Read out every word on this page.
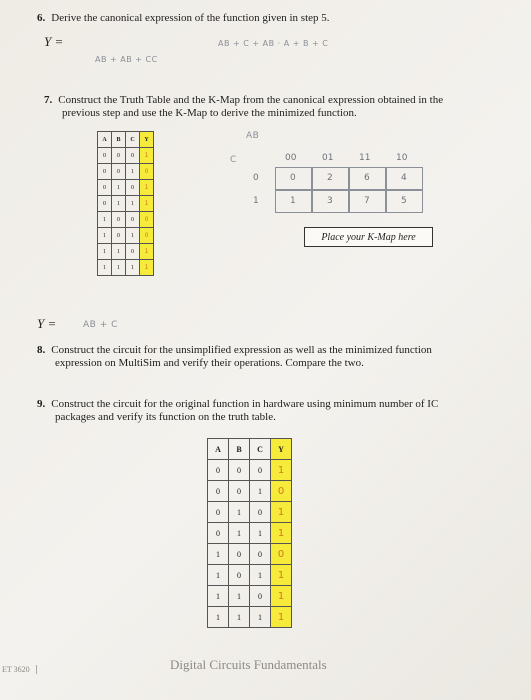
6. Derive the canonical expression of the function given in step 5.
Y =	AB + C + AB · A + B + C
AB + AB + CC
7. Construct the Truth Table and the K-Map from the canonical expression obtained in the
previous step and use the K-Map to derive the minimized function.
A	B	C	Y
0	0	0	1
0	0	1	0
0	1	0	1
0	1	1	1
1	0	0	0
1	0	1	0
1	1	0	1
1	1	1	1
AB
C	00	01	11	10
0	0	2	6	4
1	1	3	7	5
Place your K-Map here
Y =	AB + C
8. Construct the circuit for the unsimplified expression as well as the minimized function
expression on MultiSim and verify their operations. Compare the two.
9. Construct the circuit for the original function in hardware using minimum number of IC
packages and verify its function on the truth table.
A	B	C	Y
0	0	0	1
0	0	1	0
0	1	0	1
0	1	1	1
1	0	0	0
1	0	1	1
1	1	0	1
1	1	1	1
ET 3620	Digital Circuits Fundamentals
